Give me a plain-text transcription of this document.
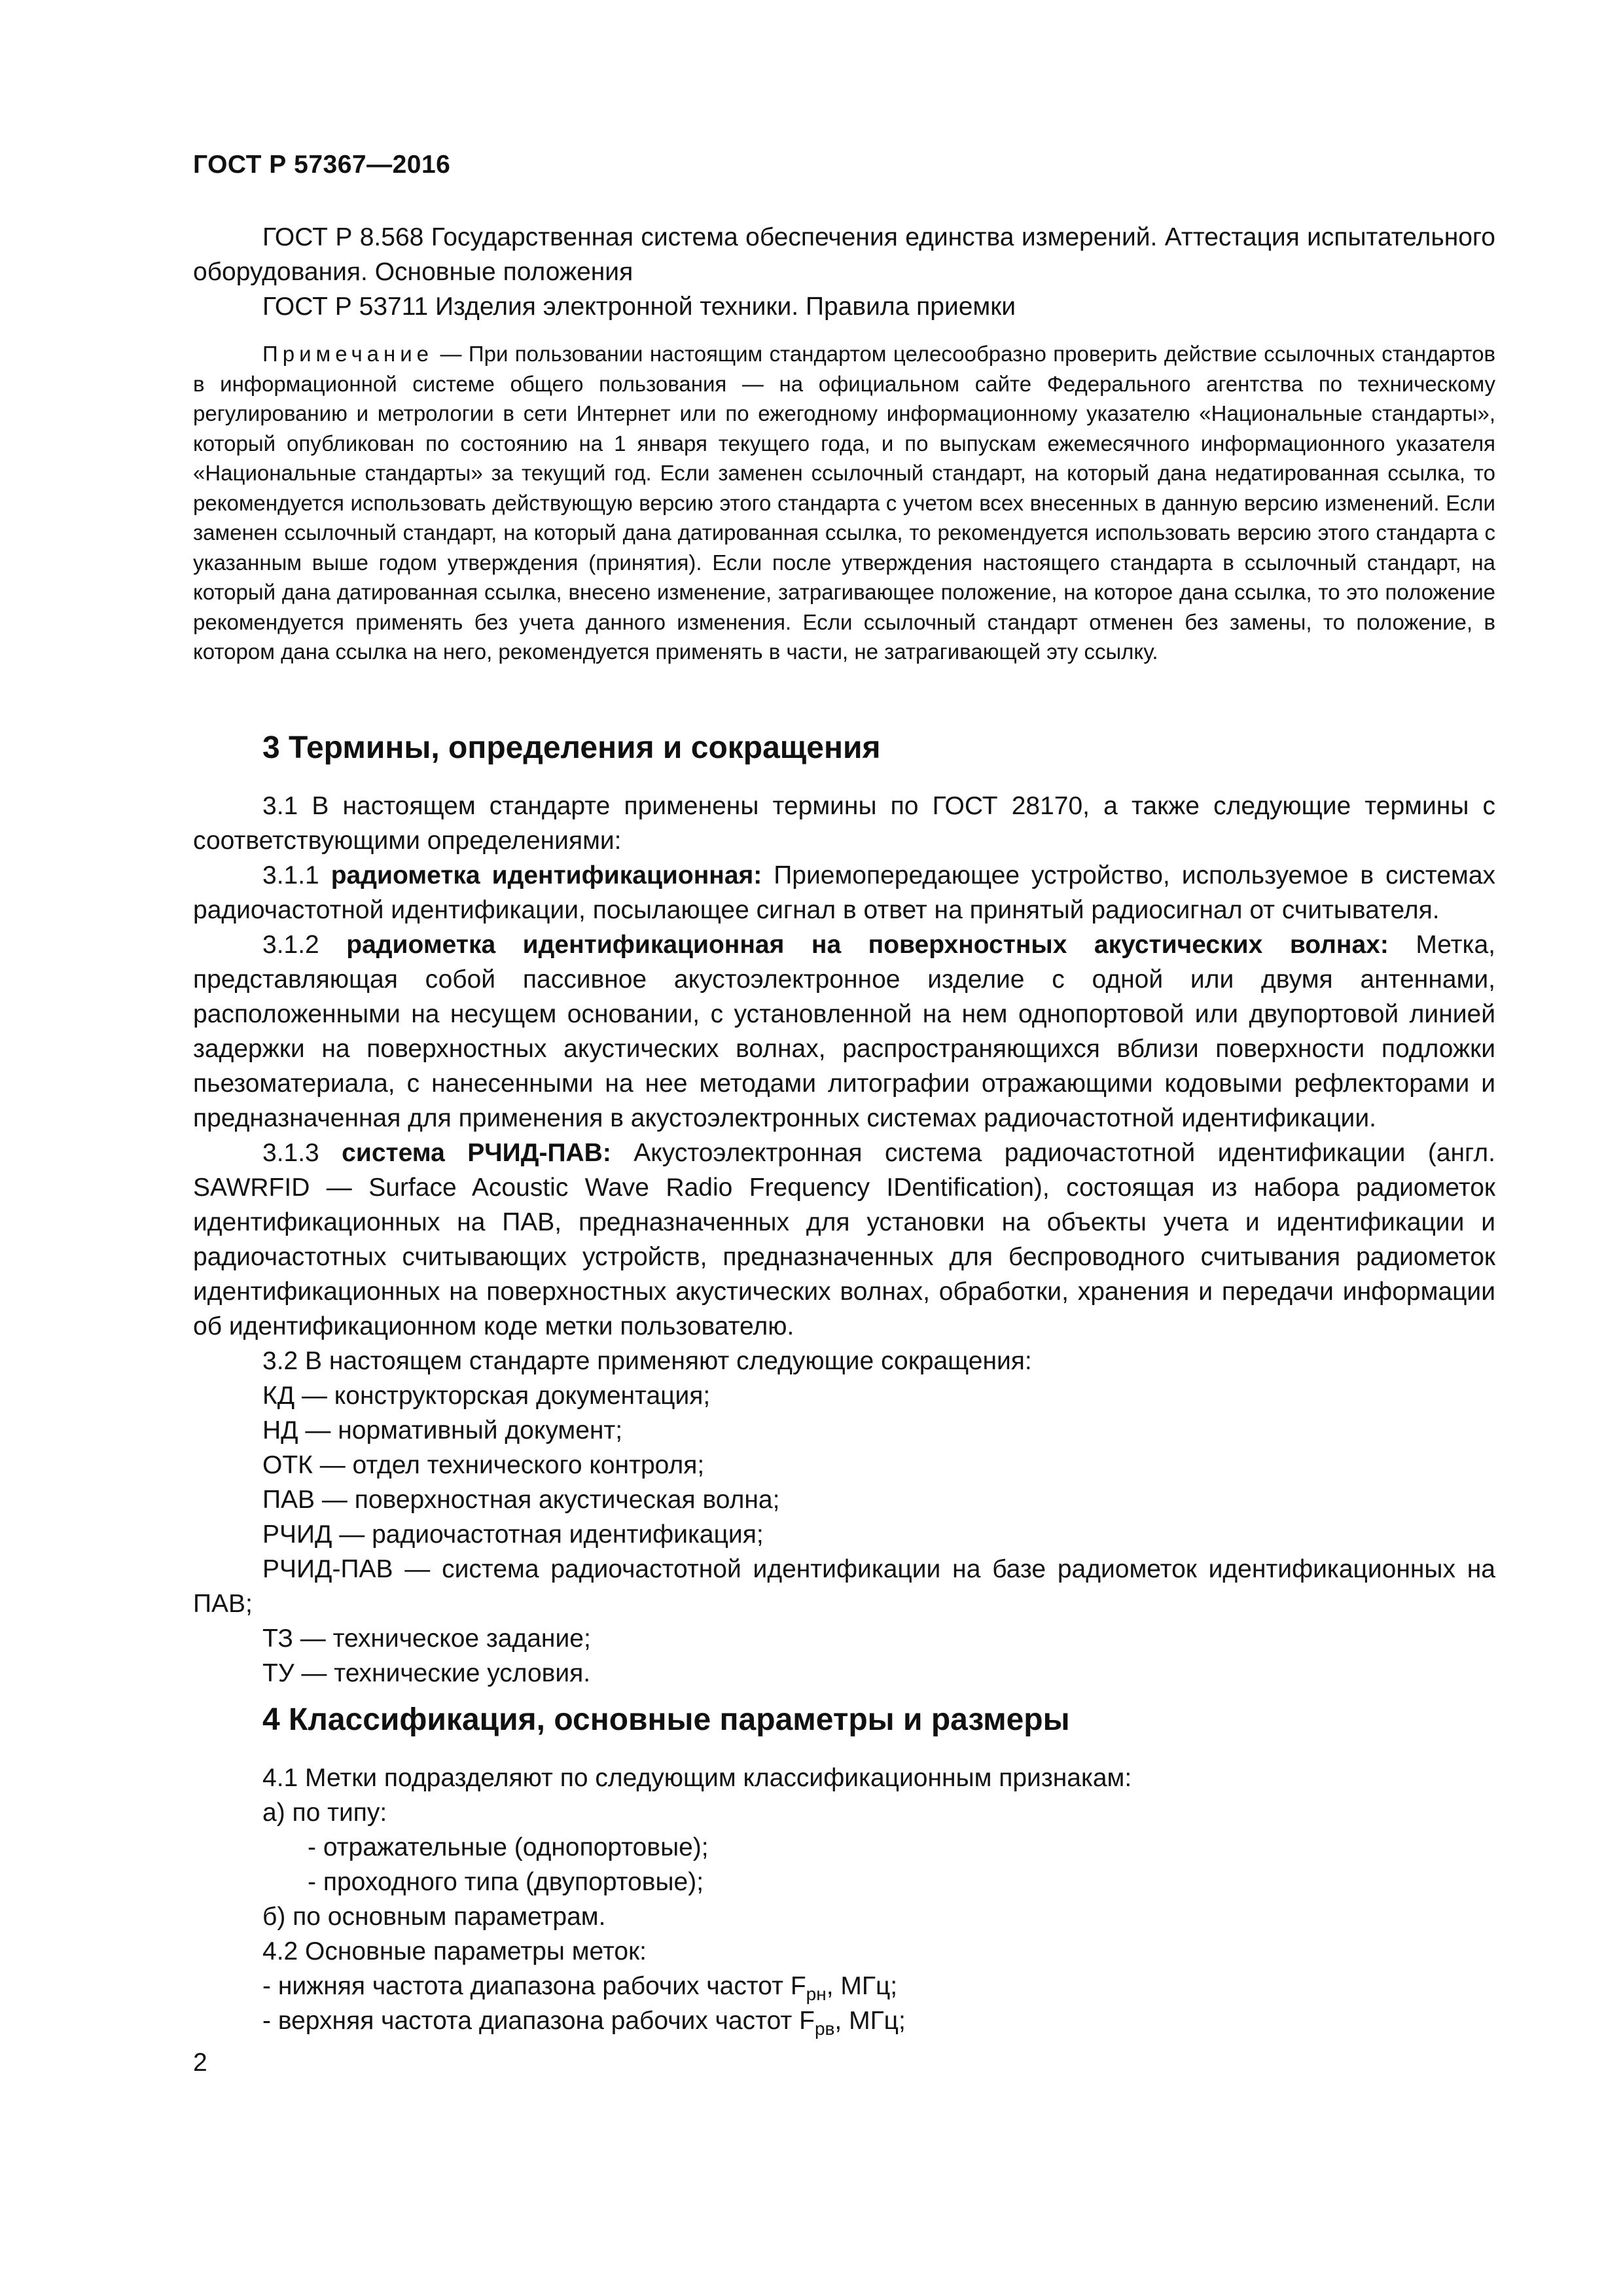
ГОСТ Р 57367—2016

ГОСТ Р 8.568 Государственная система обеспечения единства измерений. Аттестация испытательного оборудования. Основные положения

ГОСТ Р 53711 Изделия электронной техники. Правила приемки

Примечание — При пользовании настоящим стандартом целесообразно проверить действие ссылочных стандартов в информационной системе общего пользования — на официальном сайте Федерального агентства по техническому регулированию и метрологии в сети Интернет или по ежегодному информационному указателю «Национальные стандарты», который опубликован по состоянию на 1 января текущего года, и по выпускам ежемесячного информационного указателя «Национальные стандарты» за текущий год. Если заменен ссылочный стандарт, на который дана недатированная ссылка, то рекомендуется использовать действующую версию этого стандарта с учетом всех внесенных в данную версию изменений. Если заменен ссылочный стандарт, на который дана датированная ссылка, то рекомендуется использовать версию этого стандарта с указанным выше годом утверждения (принятия). Если после утверждения настоящего стандарта в ссылочный стандарт, на который дана датированная ссылка, внесено изменение, затрагивающее положение, на которое дана ссылка, то это положение рекомендуется применять без учета данного изменения. Если ссылочный стандарт отменен без замены, то положение, в котором дана ссылка на него, рекомендуется применять в части, не затрагивающей эту ссылку.

3 Термины, определения и сокращения

3.1 В настоящем стандарте применены термины по ГОСТ 28170, а также следующие термины с соответствующими определениями:

3.1.1 радиометка идентификационная: Приемопередающее устройство, используемое в системах радиочастотной идентификации, посылающее сигнал в ответ на принятый радиосигнал от считывателя.

3.1.2 радиометка идентификационная на поверхностных акустических волнах: Метка, представляющая собой пассивное акустоэлектронное изделие с одной или двумя антеннами, расположенными на несущем основании, с установленной на нем однопортовой или двупортовой линией задержки на поверхностных акустических волнах, распространяющихся вблизи поверхности подложки пьезоматериала, с нанесенными на нее методами литографии отражающими кодовыми рефлекторами и предназначенная для применения в акустоэлектронных системах радиочастотной идентификации.

3.1.3 система РЧИД-ПАВ: Акустоэлектронная система радиочастотной идентификации (англ. SAWRFID — Surface Acoustic Wave Radio Frequency IDentification), состоящая из набора радиометок идентификационных на ПАВ, предназначенных для установки на объекты учета и идентификации и радиочастотных считывающих устройств, предназначенных для беспроводного считывания радиометок идентификационных на поверхностных акустических волнах, обработки, хранения и передачи информации об идентификационном коде метки пользователю.

3.2 В настоящем стандарте применяют следующие сокращения:

КД — конструкторская документация;

НД — нормативный документ;

ОТК — отдел технического контроля;

ПАВ — поверхностная акустическая волна;

РЧИД — радиочастотная идентификация;

РЧИД-ПАВ — система радиочастотной идентификации на базе радиометок идентификационных на ПАВ;

ТЗ — техническое задание;

ТУ — технические условия.

4 Классификация, основные параметры и размеры

4.1 Метки подразделяют по следующим классификационным признакам:

а) по типу:

- отражательные (однопортовые);

- проходного типа (двупортовые);

б) по основным параметрам.

4.2 Основные параметры меток:

- нижняя частота диапазона рабочих частот $F_{рн}$, МГц;

- верхняя частота диапазона рабочих частот $F_{рв}$, МГц;

2
